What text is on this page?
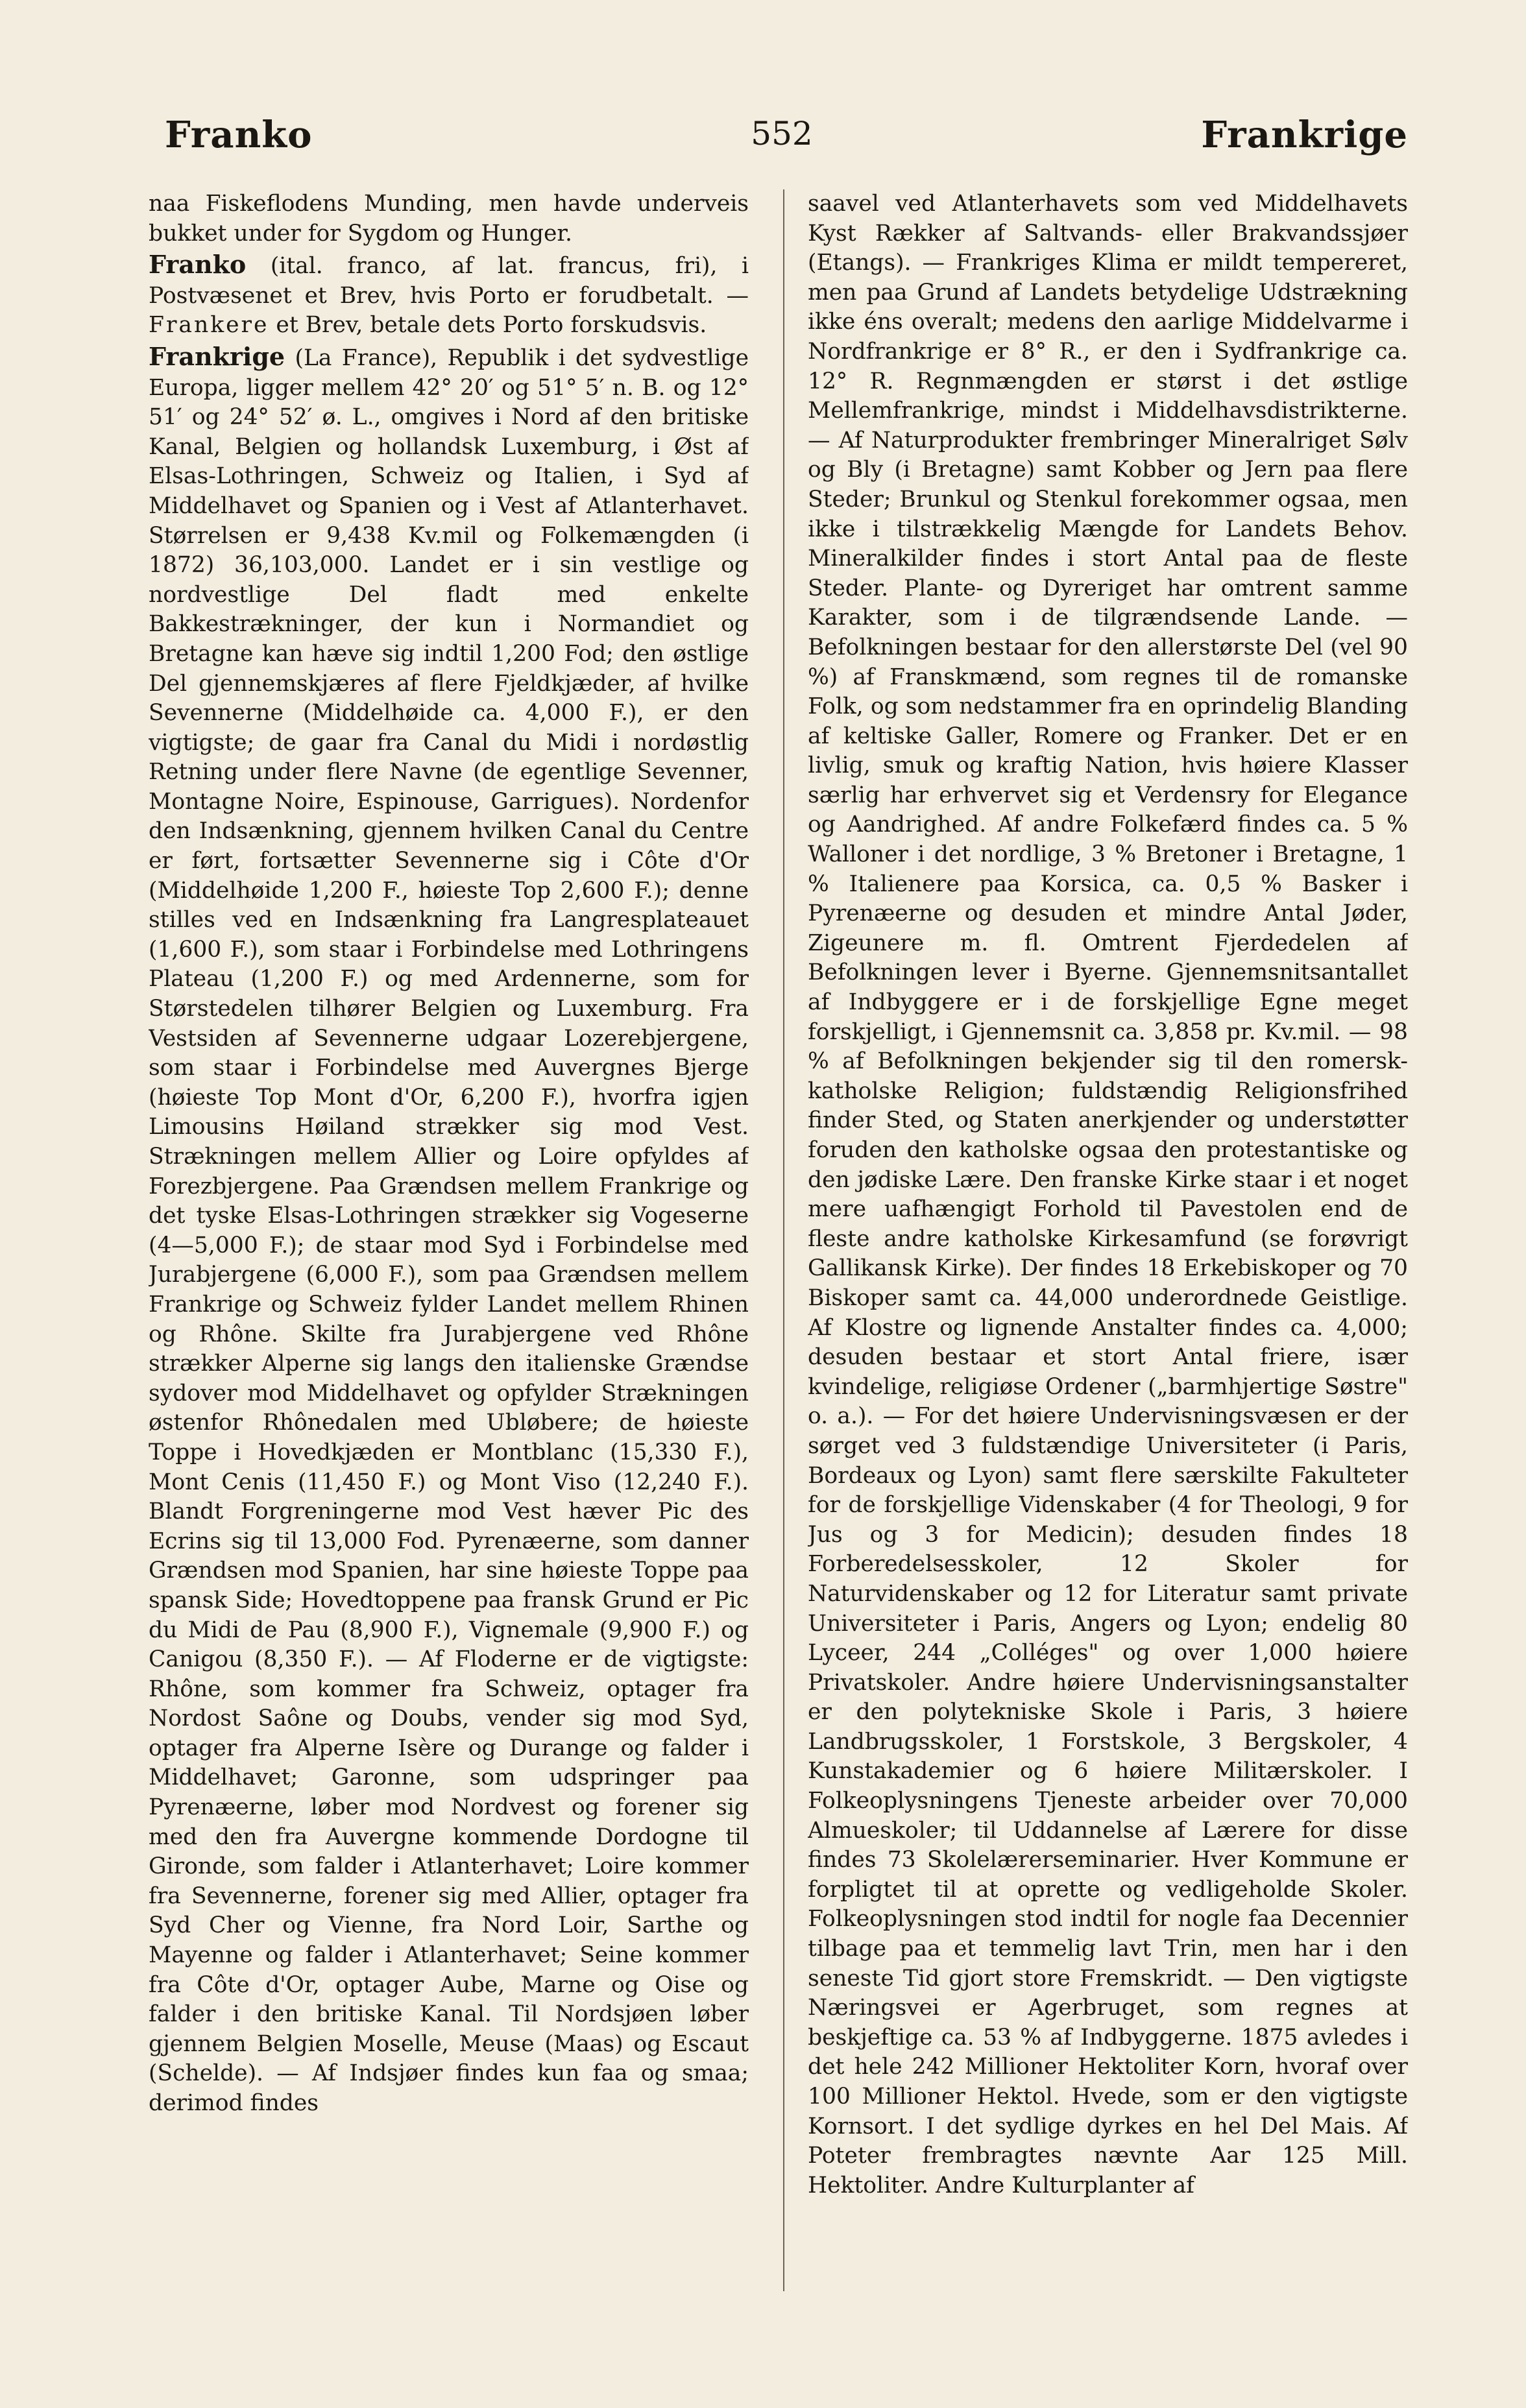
Franko	552	Frankrige

naa Fiskeflodens Munding, men havde underveis bukket under for Sygdom og Hunger.

Franko (ital. franco, af lat. francus, fri), i Postvæsenet et Brev, hvis Porto er forudbetalt. — Frankere et Brev, betale dets Porto forskudsvis.

Frankrige (La France), Republik i det sydvestlige Europa, ligger mellem 42° 20′ og 51° 5′ n. B. og 12° 51′ og 24° 52′ ø. L., omgives i Nord af den britiske Kanal, Belgien og hollandsk Luxemburg, i Øst af Elsas-Lothringen, Schweiz og Italien, i Syd af Middelhavet og Spanien og i Vest af Atlanterhavet. Størrelsen er 9,438 Kv.mil og Folkemængden (i 1872) 36,103,000. Landet er i sin vestlige og nordvestlige Del fladt med enkelte Bakkestrækninger, der kun i Normandiet og Bretagne kan hæve sig indtil 1,200 Fod; den østlige Del gjennemskjæres af flere Fjeldkjæder, af hvilke Sevennerne (Middelhøide ca. 4,000 F.), er den vigtigste; de gaar fra Canal du Midi i nordøstlig Retning under flere Navne (de egentlige Sevenner, Montagne Noire, Espinouse, Garrigues). Nordenfor den Indsænkning, gjennem hvilken Canal du Centre er ført, fortsætter Sevennerne sig i Côte d'Or (Middelhøide 1,200 F., høieste Top 2,600 F.); denne stilles ved en Indsænkning fra Langresplateauet (1,600 F.), som staar i Forbindelse med Lothringens Plateau (1,200 F.) og med Ardennerne, som for Størstedelen tilhører Belgien og Luxemburg. Fra Vestsiden af Sevennerne udgaar Lozerebjergene, som staar i Forbindelse med Auvergnes Bjerge (høieste Top Mont d'Or, 6,200 F.), hvorfra igjen Limousins Høiland strækker sig mod Vest. Strækningen mellem Allier og Loire opfyldes af Forezbjergene. Paa Grændsen mellem Frankrige og det tyske Elsas-Lothringen strækker sig Vogeserne (4—5,000 F.); de staar mod Syd i Forbindelse med Jurabjergene (6,000 F.), som paa Grændsen mellem Frankrige og Schweiz fylder Landet mellem Rhinen og Rhône. Skilte fra Jurabjergene ved Rhône strækker Alperne sig langs den italienske Grændse sydover mod Middelhavet og opfylder Strækningen østenfor Rhônedalen med Ubløbere; de høieste Toppe i Hovedkjæden er Montblanc (15,330 F.), Mont Cenis (11,450 F.) og Mont Viso (12,240 F.). Blandt Forgreningerne mod Vest hæver Pic des Ecrins sig til 13,000 Fod. Pyrenæerne, som danner Grændsen mod Spanien, har sine høieste Toppe paa spansk Side; Hovedtoppene paa fransk Grund er Pic du Midi de Pau (8,900 F.), Vignemale (9,900 F.) og Canigou (8,350 F.). — Af Floderne er de vigtigste: Rhône, som kommer fra Schweiz, optager fra Nordost Saône og Doubs, vender sig mod Syd, optager fra Alperne Isère og Durange og falder i Middelhavet; Garonne, som udspringer paa Pyrenæerne, løber mod Nordvest og forener sig med den fra Auvergne kommende Dordogne til Gironde, som falder i Atlanterhavet; Loire kommer fra Sevennerne, forener sig med Allier, optager fra Syd Cher og Vienne, fra Nord Loir, Sarthe og Mayenne og falder i Atlanterhavet; Seine kommer fra Côte d'Or, optager Aube, Marne og Oise og falder i den britiske Kanal. Til Nordsjøen løber gjennem Belgien Moselle, Meuse (Maas) og Escaut (Schelde). — Af Indsjøer findes kun faa og smaa; derimod findes

saavel ved Atlanterhavets som ved Middelhavets Kyst Rækker af Saltvands- eller Brakvandssjøer (Etangs). — Frankriges Klima er mildt tempereret, men paa Grund af Landets betydelige Udstrækning ikke éns overalt; medens den aarlige Middelvarme i Nordfrankrige er 8° R., er den i Sydfrankrige ca. 12° R. Regnmængden er størst i det østlige Mellemfrankrige, mindst i Middelhavsdistrikterne. — Af Naturprodukter frembringer Mineralriget Sølv og Bly (i Bretagne) samt Kobber og Jern paa flere Steder; Brunkul og Stenkul forekommer ogsaa, men ikke i tilstrækkelig Mængde for Landets Behov. Mineralkilder findes i stort Antal paa de fleste Steder. Plante- og Dyreriget har omtrent samme Karakter, som i de tilgrændsende Lande. — Befolkningen bestaar for den allerstørste Del (vel 90 %) af Franskmænd, som regnes til de romanske Folk, og som nedstammer fra en oprindelig Blanding af keltiske Galler, Romere og Franker. Det er en livlig, smuk og kraftig Nation, hvis høiere Klasser særlig har erhvervet sig et Verdensry for Elegance og Aandrighed. Af andre Folkefærd findes ca. 5 % Walloner i det nordlige, 3 % Bretoner i Bretagne, 1 % Italienere paa Korsica, ca. 0,5 % Basker i Pyrenæerne og desuden et mindre Antal Jøder, Zigeunere m. fl. Omtrent Fjerdedelen af Befolkningen lever i Byerne. Gjennemsnitsantallet af Indbyggere er i de forskjellige Egne meget forskjelligt, i Gjennemsnit ca. 3,858 pr. Kv.mil. — 98 % af Befolkningen bekjender sig til den romersk-katholske Religion; fuldstændig Religionsfrihed finder Sted, og Staten anerkjender og understøtter foruden den katholske ogsaa den protestantiske og den jødiske Lære. Den franske Kirke staar i et noget mere uafhængigt Forhold til Pavestolen end de fleste andre katholske Kirkesamfund (se forøvrigt Gallikansk Kirke). Der findes 18 Erkebiskoper og 70 Biskoper samt ca. 44,000 underordnede Geistlige. Af Klostre og lignende Anstalter findes ca. 4,000; desuden bestaar et stort Antal friere, især kvindelige, religiøse Ordener („barmhjertige Søstre" o. a.). — For det høiere Undervisningsvæsen er der sørget ved 3 fuldstændige Universiteter (i Paris, Bordeaux og Lyon) samt flere særskilte Fakulteter for de forskjellige Videnskaber (4 for Theologi, 9 for Jus og 3 for Medicin); desuden findes 18 Forberedelsesskoler, 12 Skoler for Naturvidenskaber og 12 for Literatur samt private Universiteter i Paris, Angers og Lyon; endelig 80 Lyceer, 244 „Colléges" og over 1,000 høiere Privatskoler. Andre høiere Undervisningsanstalter er den polytekniske Skole i Paris, 3 høiere Landbrugsskoler, 1 Forstskole, 3 Bergskoler, 4 Kunstakademier og 6 høiere Militærskoler. I Folkeoplysningens Tjeneste arbeider over 70,000 Almueskoler; til Uddannelse af Lærere for disse findes 73 Skolelærerseminarier. Hver Kommune er forpligtet til at oprette og vedligeholde Skoler. Folkeoplysningen stod indtil for nogle faa Decennier tilbage paa et temmelig lavt Trin, men har i den seneste Tid gjort store Fremskridt. — Den vigtigste Næringsvei er Agerbruget, som regnes at beskjeftige ca. 53 % af Indbyggerne. 1875 avledes i det hele 242 Millioner Hektoliter Korn, hvoraf over 100 Millioner Hektol. Hvede, som er den vigtigste Kornsort. I det sydlige dyrkes en hel Del Mais. Af Poteter frembragtes nævnte Aar 125 Mill. Hektoliter. Andre Kulturplanter af
